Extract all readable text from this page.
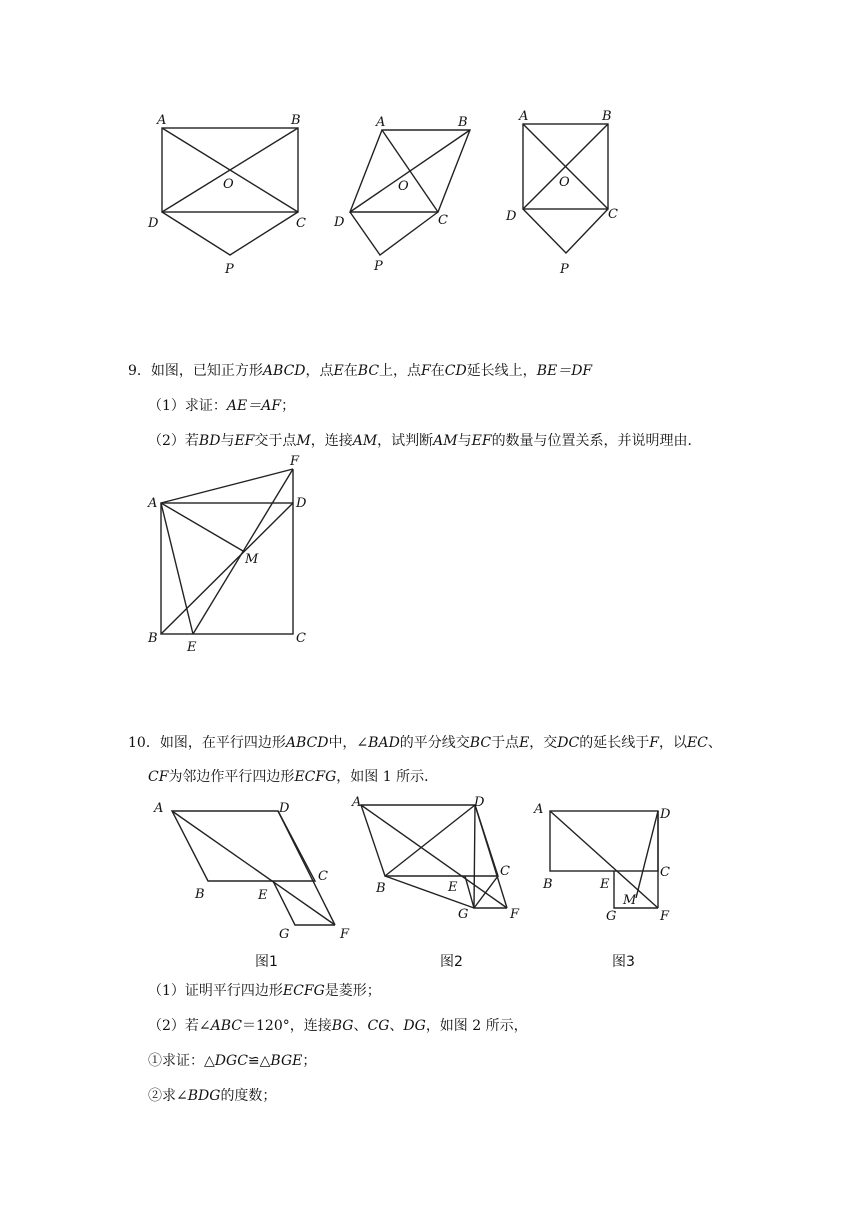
A	B
C
D
O
P
A	B
C
D
O
P
A	B
C
D
O
P
9．如图，已知正方形ABCD，点E在BC上，点F在CD延长线上，BE＝DF
（1）求证：AE＝AF；
（2）若BD与EF交于点M，连接AM，试判断AM与EF的数量与位置关系，并说明理由．
F
A	D
M
B
E
C
10．如图，在平行四边形ABCD中，∠BAD的平分线交BC于点E，交DC的延长线于F，以EC、
CF为邻边作平行四边形ECFG，如图 1 所示．
A	D
C
B	E
G	F
图1
A	D
C
B	E
G	F
图2
A	D
C
B	E
M
G	F
图3
（1）证明平行四边形ECFG是菱形；
（2）若∠ABC＝120°，连接BG、CG、DG，如图 2 所示，
①求证：△DGC≌△BGE；
②求∠BDG的度数；
